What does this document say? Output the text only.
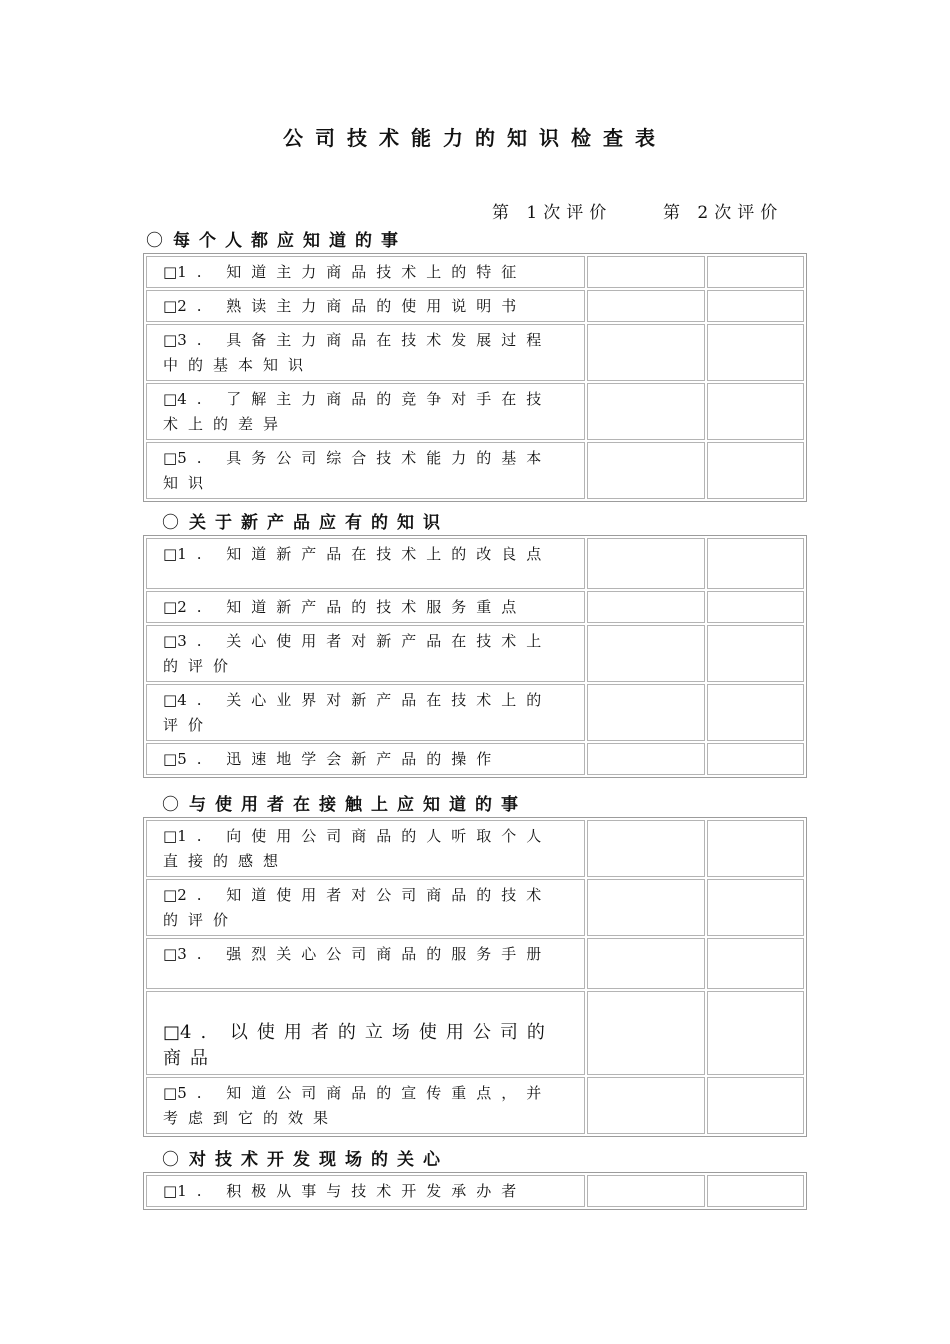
公司技术能力的知识检查表
第 1次评价	第 2次评价
〇 每个人都应知道的事
□1. 知道主力商品技术上的特征		

□2. 熟读主力商品的使用说明书		

□3. 具备主力商品在技术发展过程中的基本知识		

□4. 了解主力商品的竞争对手在技术上的差异		

□5. 具务公司综合技术能力的基本知识		

〇 关于新产品应有的知识
□1. 知道新产品在技术上的改良点		

□2. 知道新产品的技术服务重点		

□3. 关心使用者对新产品在技术上的评价		

□4. 关心业界对新产品在技术上的评价		

□5. 迅速地学会新产品的操作		

〇 与使用者在接触上应知道的事
□1. 向使用公司商品的人听取个人直接的感想		

□2. 知道使用者对公司商品的技术的评价		

□3. 强烈关心公司商品的服务手册		

□4. 以使用者的立场使用公司的商品		

□5. 知道公司商品的宣传重点，并考虑到它的效果		

〇 对技术开发现场的关心
□1. 积极从事与技术开发承办者
